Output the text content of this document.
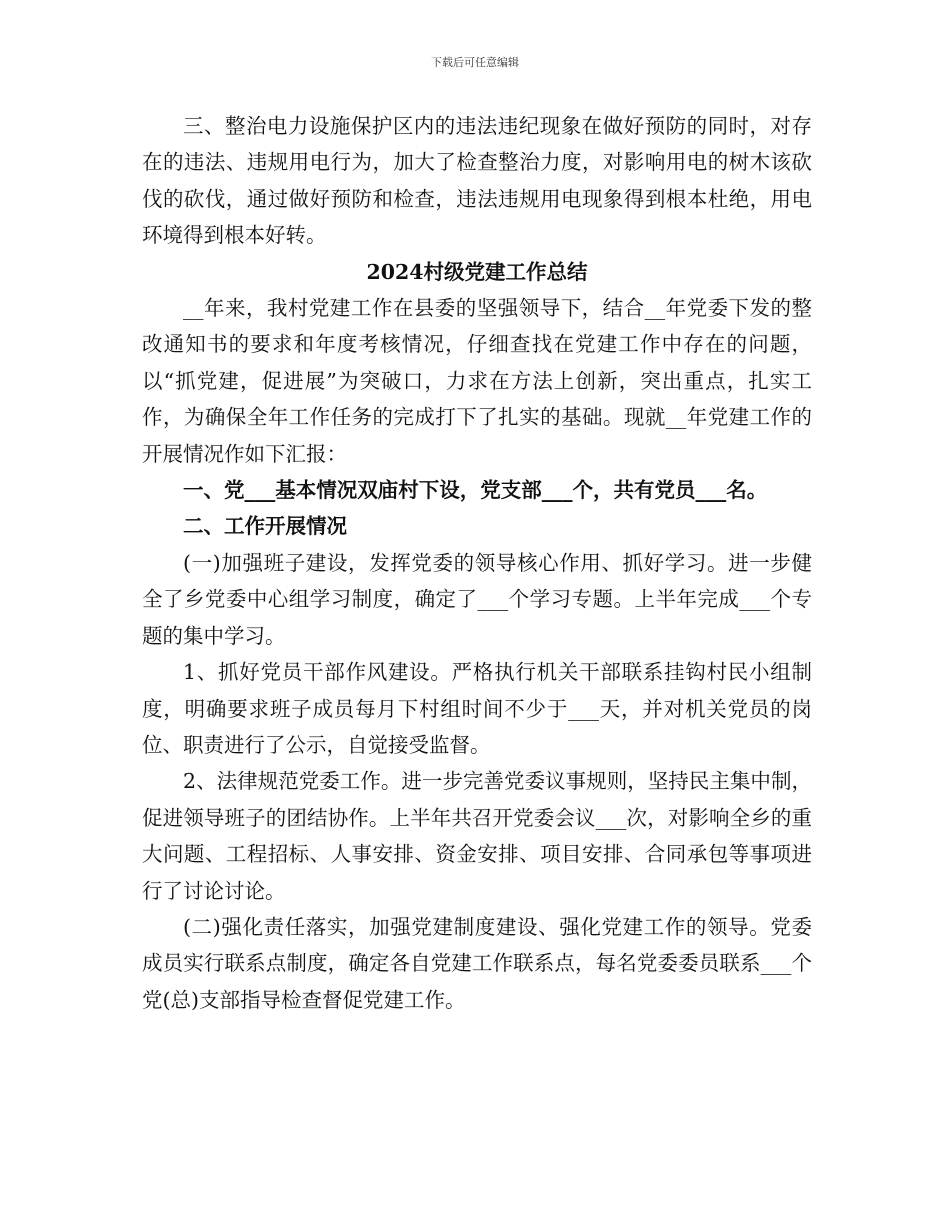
下载后可任意编辑

三、整治电力设施保护区内的违法违纪现象在做好预防的同时，对存在的违法、违规用电行为，加大了检查整治力度，对影响用电的树木该砍伐的砍伐，通过做好预防和检查，违法违规用电现象得到根本杜绝，用电环境得到根本好转。

2024村级党建工作总结

__年来，我村党建工作在县委的坚强领导下，结合__年党委下发的整改通知书的要求和年度考核情况，仔细查找在党建工作中存在的问题，以“抓党建，促进展”为突破口，力求在方法上创新，突出重点，扎实工作，为确保全年工作任务的完成打下了扎实的基础。现就__年党建工作的开展情况作如下汇报：

一、党___基本情况双庙村下设，党支部___个，共有党员___名。

二、工作开展情况

(一)加强班子建设，发挥党委的领导核心作用、抓好学习。进一步健全了乡党委中心组学习制度，确定了___个学习专题。上半年完成___个专题的集中学习。

1、抓好党员干部作风建设。严格执行机关干部联系挂钩村民小组制度，明确要求班子成员每月下村组时间不少于___天，并对机关党员的岗位、职责进行了公示，自觉接受监督。

2、法律规范党委工作。进一步完善党委议事规则，坚持民主集中制，促进领导班子的团结协作。上半年共召开党委会议___次，对影响全乡的重大问题、工程招标、人事安排、资金安排、项目安排、合同承包等事项进行了讨论讨论。

(二)强化责任落实，加强党建制度建设、强化党建工作的领导。党委成员实行联系点制度，确定各自党建工作联系点，每名党委委员联系___个党(总)支部指导检查督促党建工作。
